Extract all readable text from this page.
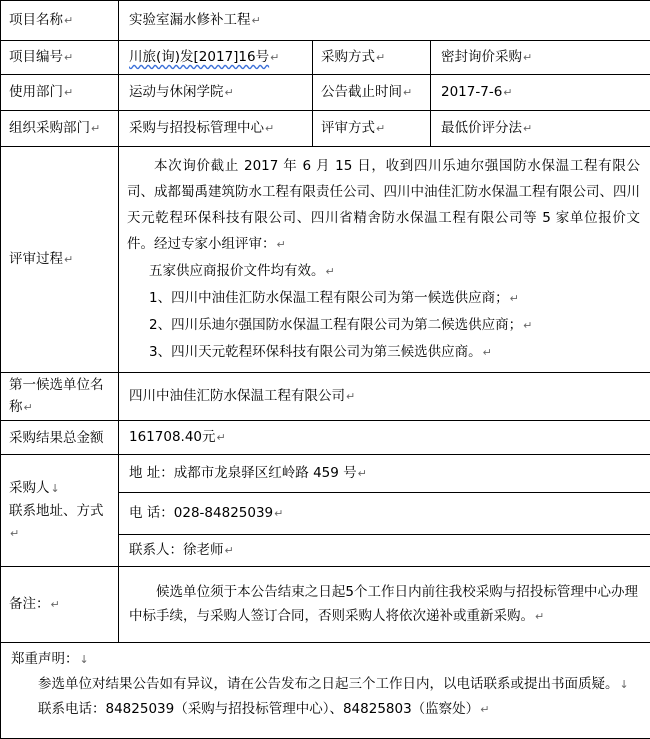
项目名称↵	实验室漏水修补工程↵		
项目编号↵	川旅(询)发[2017]16号↵	采购方式↵	密封询价采购↵
使用部门↵	运动与休闲学院↵	公告截止时间↵	2017-7-6↵
组织采购部门↵	采购与招投标管理中心↵	评审方式↵	最低价评分法↵
评审过程↵	本次询价截止 2017 年 6 月 15 日，收到四川乐迪尔强国防水保温工程有限公司、成都蜀禹建筑防水工程有限责任公司、四川中油佳汇防水保温工程有限公司、四川天元乾程环保科技有限公司、四川省精舍防水保温工程有限公司等 5 家单位报价文件。经过专家小组评审：↵

五家供应商报价文件均有效。↵

1、四川中油佳汇防水保温工程有限公司为第一候选供应商；↵

2、四川乐迪尔强国防水保温工程有限公司为第二候选供应商；↵

3、四川天元乾程环保科技有限公司为第三候选供应商。↵		

第一候选单位名称↵	四川中油佳汇防水保温工程有限公司↵		
采购结果总金额	161708.40元↵		

采购人↓
联系地址、方式↵	地 址：成都市龙泉驿区红岭路 459 号↵		
	电 话：028-84825039↵		
	联系人：徐老师↵		
备注：↵	候选单位须于本公告结束之日起5个工作日内前往我校采购与招投标管理中心办理中标手续，与采购人签订合同，否则采购人将依次递补或重新采购。↵		

郑重声明：↓

参选单位对结果公告如有异议，请在公告发布之日起三个工作日内，以电话联系或提出书面质疑。↓

联系电话：84825039（采购与招投标管理中心）、84825803（监察处）↵			
